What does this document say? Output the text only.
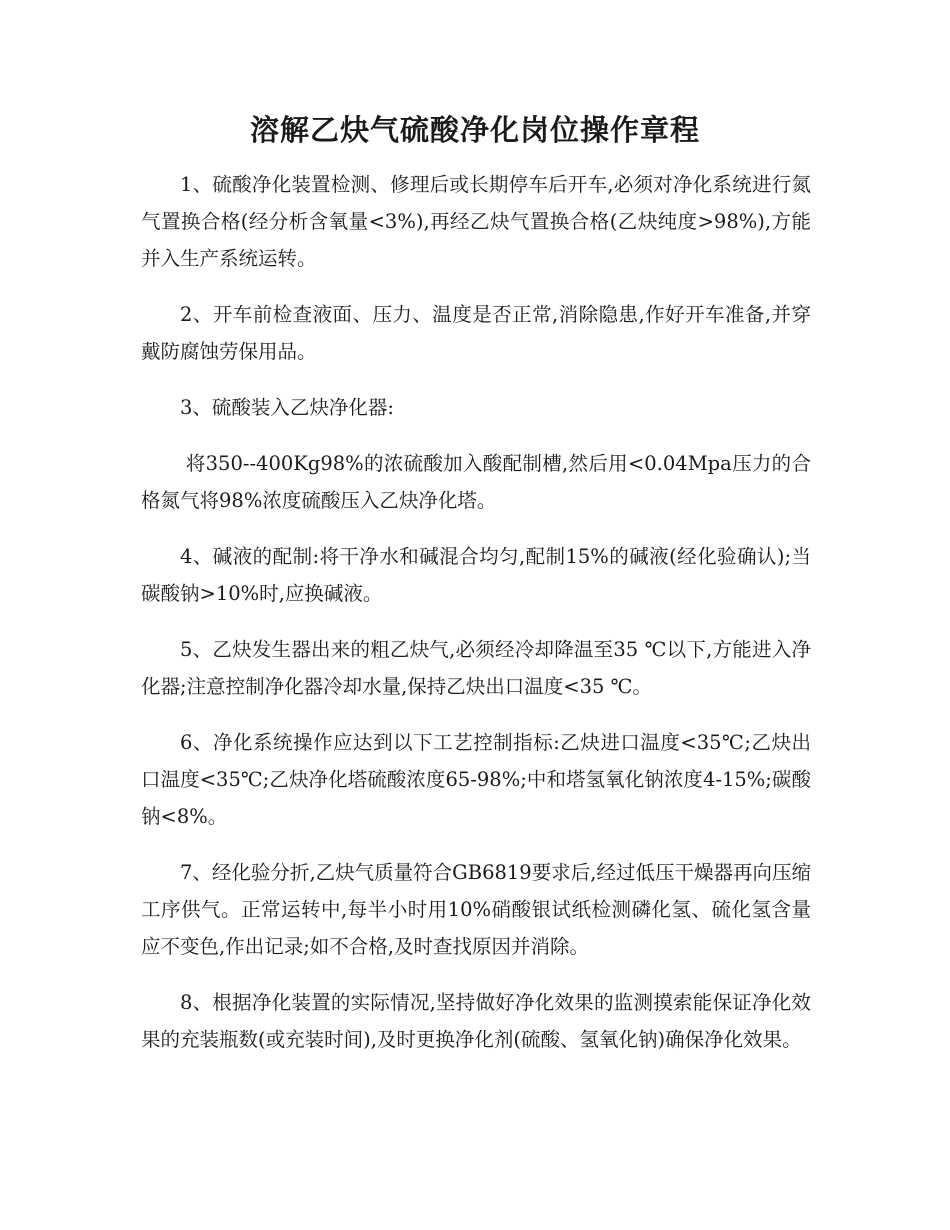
溶解乙炔气硫酸净化岗位操作章程

1、硫酸净化装置检测、修理后或长期停车后开车,必须对净化系统进行氮气置换合格(经分析含氧量<3%),再经乙炔气置换合格(乙炔纯度>98%),方能并入生产系统运转。

2、开车前检查液面、压力、温度是否正常,消除隐患,作好开车准备,并穿戴防腐蚀劳保用品。

3、硫酸装入乙炔净化器:

将350--400Kg98%的浓硫酸加入酸配制槽,然后用<0.04Mpa压力的合格氮气将98%浓度硫酸压入乙炔净化塔。

4、碱液的配制:将干净水和碱混合均匀,配制15%的碱液(经化验确认);当碳酸钠>10%时,应换碱液。

5、乙炔发生器出来的粗乙炔气,必须经冷却降温至35 ℃以下,方能进入净化器;注意控制净化器冷却水量,保持乙炔出口温度<35 ℃。

6、净化系统操作应达到以下工艺控制指标:乙炔进口温度<35℃;乙炔出口温度<35℃;乙炔净化塔硫酸浓度65-98%;中和塔氢氧化钠浓度4-15%;碳酸钠<8%。

7、经化验分折,乙炔气质量符合GB6819要求后,经过低压干燥器再向压缩工序供气。正常运转中,每半小时用10%硝酸银试纸检测磷化氢、硫化氢含量应不变色,作出记录;如不合格,及时查找原因并消除。

8、根据净化装置的实际情况,坚持做好净化效果的监测摸索能保证净化效果的充装瓶数(或充装时间),及时更换净化剂(硫酸、氢氧化钠)确保净化效果。
